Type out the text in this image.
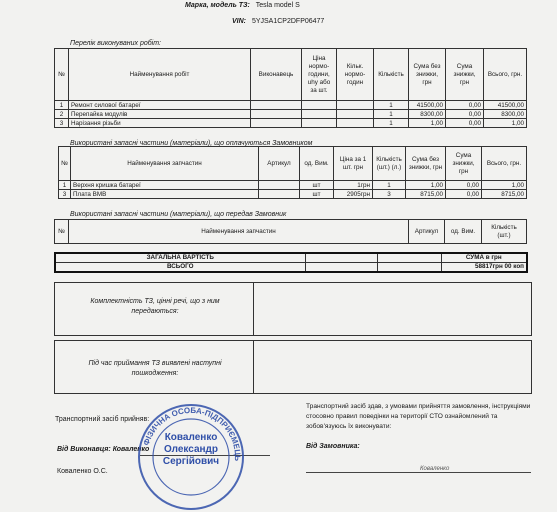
Марка, модель ТЗ: Tesla model S
VIN: 5YJSA1CP2DFP06477
Перелік виконуваних робіт:
№	Найменування робіт	Виконавець	Ціна нормо-години, uhy або за шт.	Кільк. нормо-годин	Кількість	Сума без знижки, грн	Сума знижки, грн	Всього, грн.
1	Ремонт силової батареї				1	41500,00	0,00	41500,00
2	Перепайка модулів				1	8300,00	0,00	8300,00
3	Нарізання різьби				1	1,00	0,00	1,00
Використані запасні частини (матеріали), що оплачуються Замовником
№	Найменування запчастин	Артикул	од. Вим.	Ціна за 1 шт. грн	Кількість (шт.) (л.)	Сума без знижки, грн	Сума знижки, грн	Всього, грн.
1	Верхня кришка батареї		шт	1грн	1	1,00	0,00	1,00
3	Плата BMB		шт	2905грн	3	8715,00	0,00	8715,00
Використані запасні частини (матеріали), що передав Замовник
№	Найменування запчастин	Артикул	од. Вим.	Кількість (шт.)
ЗАГАЛЬНА ВАРТІСТЬ			СУМА в грн
ВСЬОГО			58817грн 00 коп
Комплектність ТЗ, цінні речі, що з ним передаються:
Під час приймання ТЗ виявлені наступні пошкодження:
Транспортний засіб прийняв:
Від Виконавця: Коваленко
Коваленко О.С.
Транспортний засіб здав, з умовами прийняття замовлення, інструкціями стосовно правил поведінки на території СТО ознайомлений та зобов'язуюсь їх виконувати:
Від Замовника:
ФІЗИЧНА ОСОБА-ПІДПРИЄМЕЦЬ
Коваленко
Олександр
Сергійович
Коваленко
